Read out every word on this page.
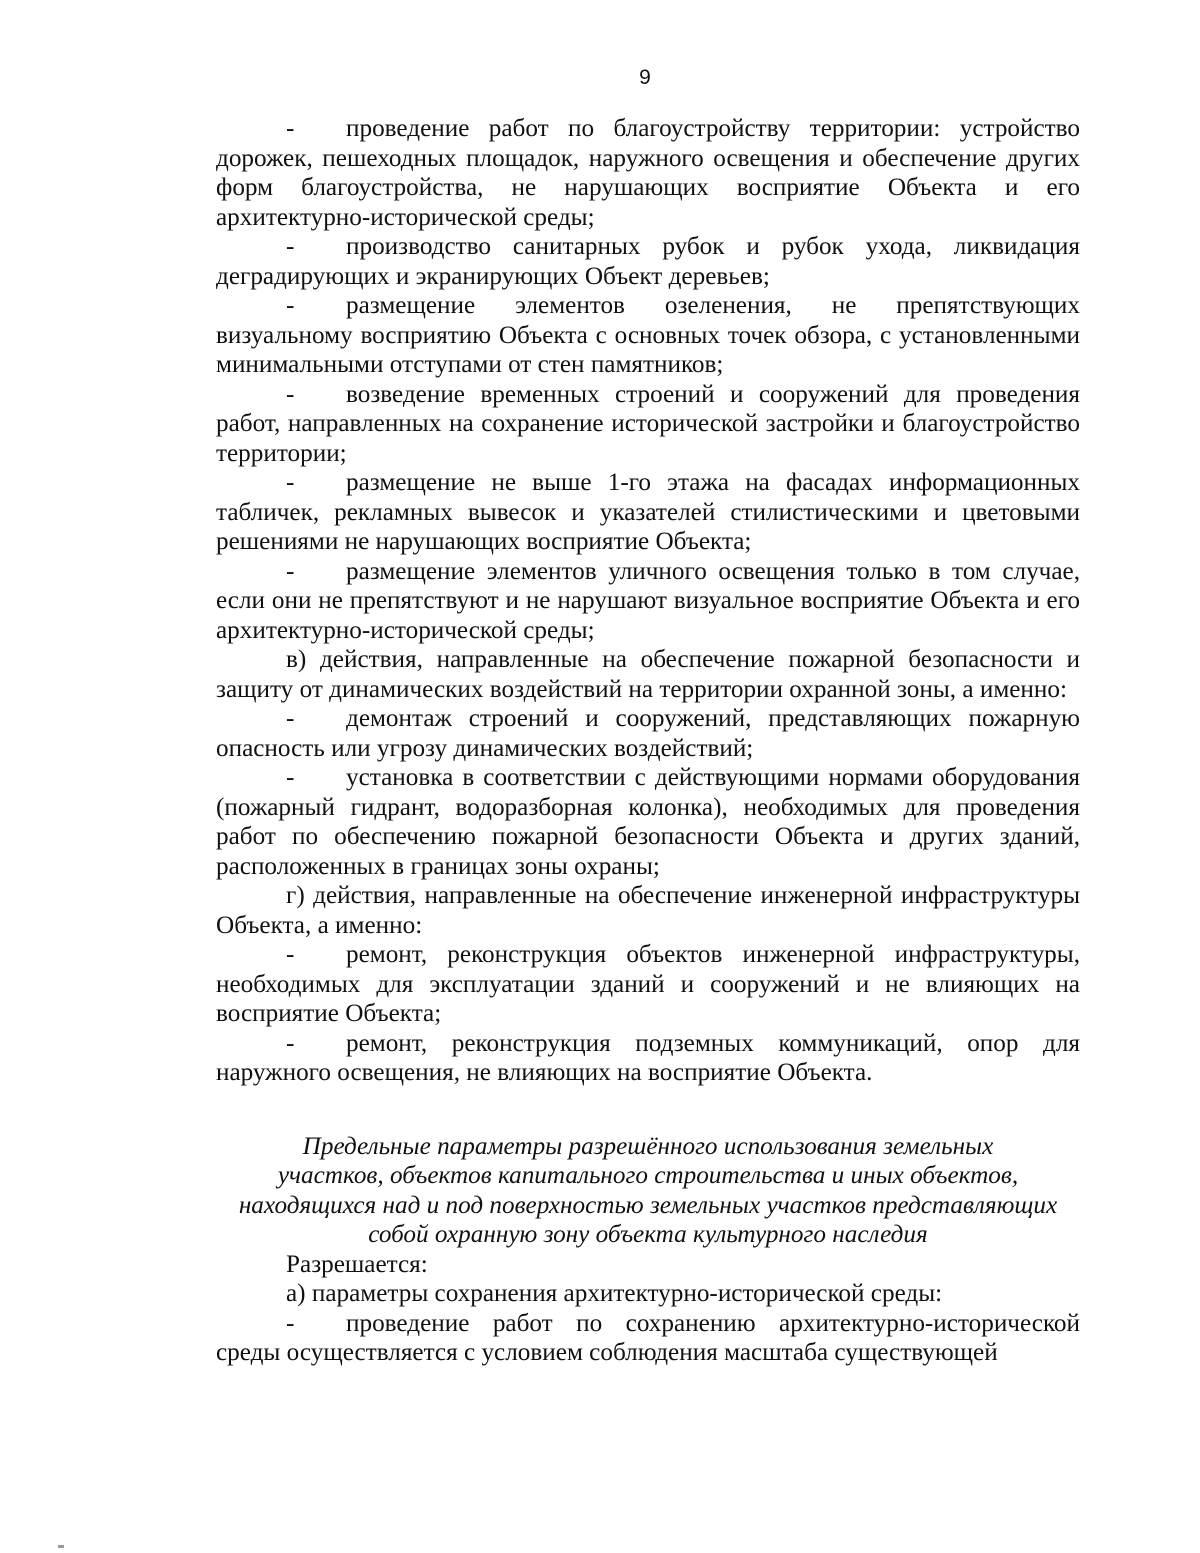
9

- проведение работ по благоустройству территории: устройство дорожек, пешеходных площадок, наружного освещения и обеспечение других форм благоустройства, не нарушающих восприятие Объекта и его архитектурно-исторической среды;

- производство санитарных рубок и рубок ухода, ликвидация деградирующих и экранирующих Объект деревьев;

- размещение элементов озеленения, не препятствующих визуальному восприятию Объекта с основных точек обзора, с установленными минимальными отступами от стен памятников;

- возведение временных строений и сооружений для проведения работ, направленных на сохранение исторической застройки и благоустройство территории;

- размещение не выше 1-го этажа на фасадах информационных табличек, рекламных вывесок и указателей стилистическими и цветовыми решениями не нарушающих восприятие Объекта;

- размещение элементов уличного освещения только в том случае, если они не препятствуют и не нарушают визуальное восприятие Объекта и его архитектурно-исторической среды;

в) действия, направленные на обеспечение пожарной безопасности и защиту от динамических воздействий на территории охранной зоны, а именно:

- демонтаж строений и сооружений, представляющих пожарную опасность или угрозу динамических воздействий;

- установка в соответствии с действующими нормами оборудования (пожарный гидрант, водоразборная колонка), необходимых для проведения работ по обеспечению пожарной безопасности Объекта и других зданий, расположенных в границах зоны охраны;

г) действия, направленные на обеспечение инженерной инфраструктуры Объекта, а именно:

- ремонт, реконструкция объектов инженерной инфраструктуры, необходимых для эксплуатации зданий и сооружений и не влияющих на восприятие Объекта;

- ремонт, реконструкция подземных коммуникаций, опор для наружного освещения, не влияющих на восприятие Объекта.

Предельные параметры разрешённого использования земельных
участков, объектов капитального строительства и иных объектов,
находящихся над и под поверхностью земельных участков представляющих
собой охранную зону объекта культурного наследия

Разрешается:

а) параметры сохранения архитектурно-исторической среды:

- проведение работ по сохранению архитектурно-исторической среды осуществляется с условием соблюдения масштаба существующей
